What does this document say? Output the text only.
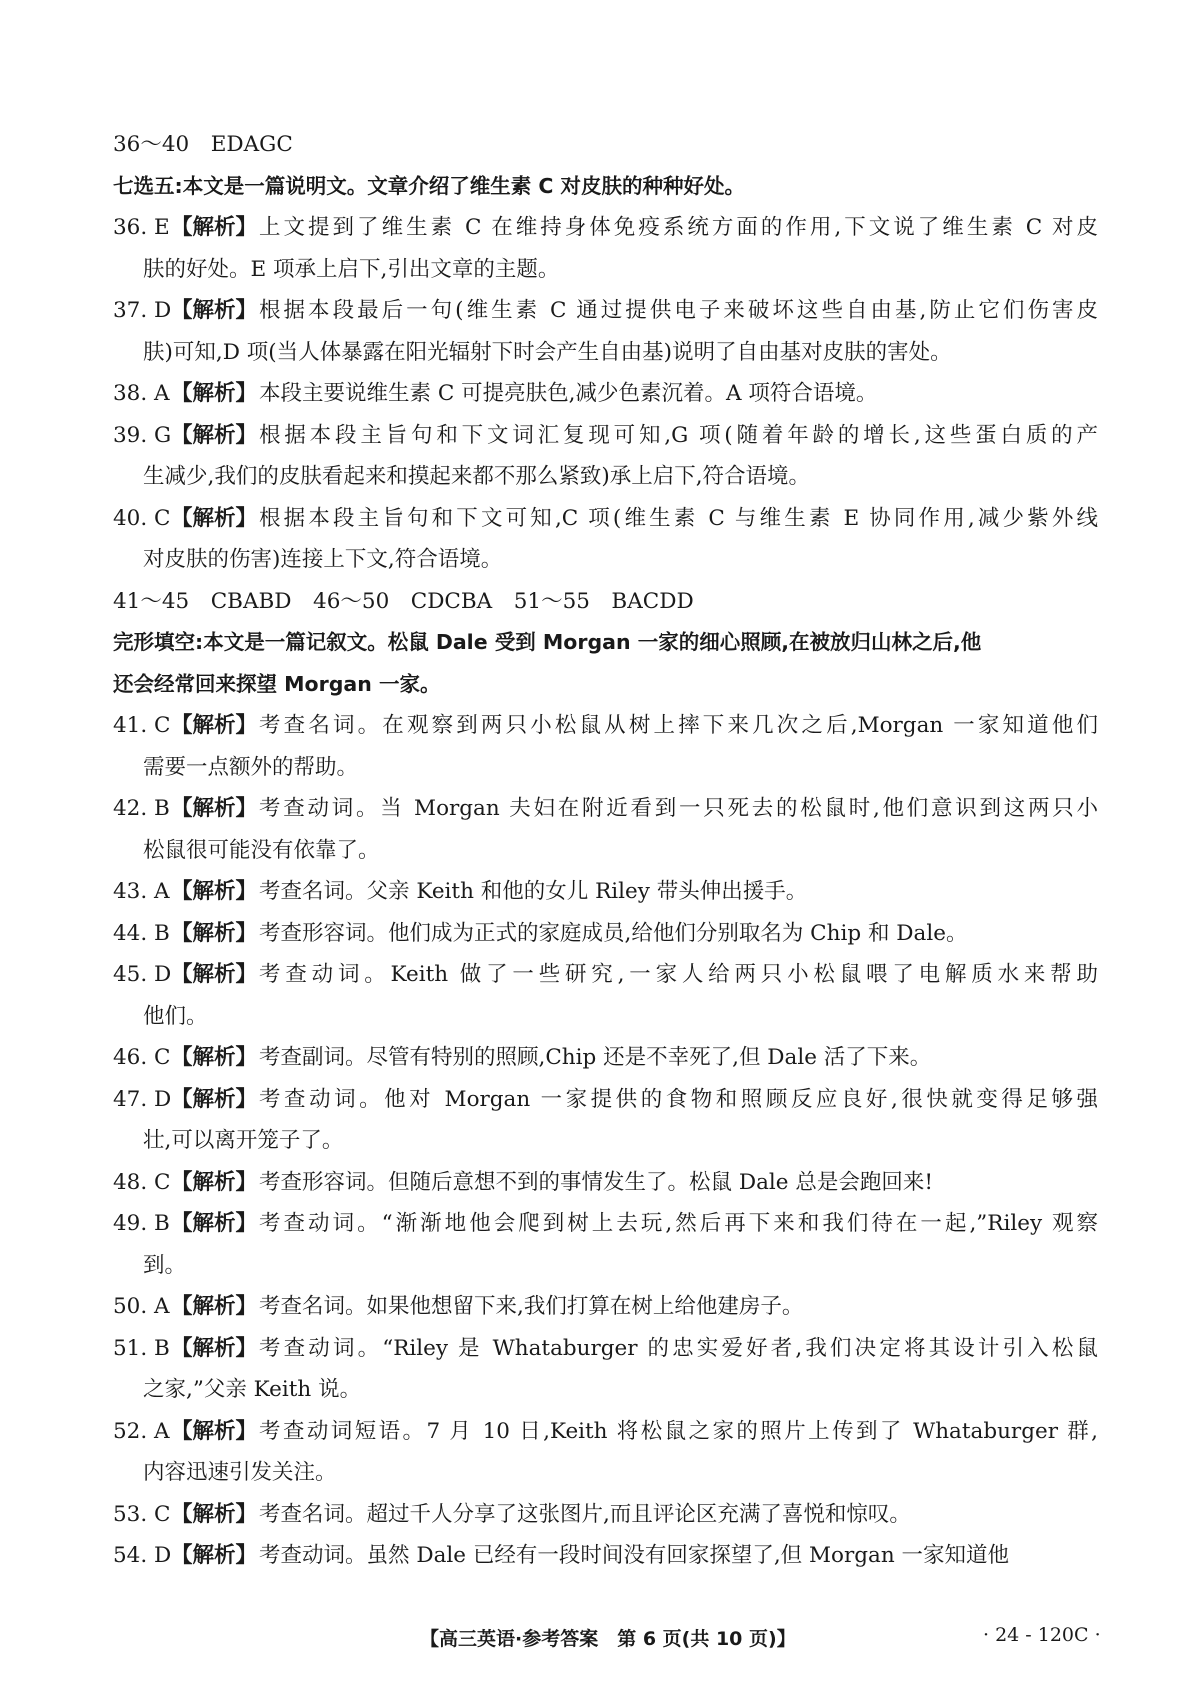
36～40　EDAGC
七选五:本文是一篇说明文。文章介绍了维生素 C 对皮肤的种种好处。
36. E 【解析】 上文提到了维生素 C 在维持身体免疫系统方面的作用,下文说了维生素 C 对皮
肤的好处。E 项承上启下,引出文章的主题。
37. D 【解析】 根据本段最后一句(维生素 C 通过提供电子来破坏这些自由基,防止它们伤害皮
肤)可知,D 项(当人体暴露在阳光辐射下时会产生自由基)说明了自由基对皮肤的害处。
38. A 【解析】 本段主要说维生素 C 可提亮肤色,减少色素沉着。A 项符合语境。
39. G 【解析】 根据本段主旨句和下文词汇复现可知,G 项(随着年龄的增长,这些蛋白质的产
生减少,我们的皮肤看起来和摸起来都不那么紧致)承上启下,符合语境。
40. C 【解析】 根据本段主旨句和下文可知,C 项(维生素 C 与维生素 E 协同作用,减少紫外线
对皮肤的伤害)连接上下文,符合语境。
41～45　CBABD　46～50　CDCBA　51～55　BACDD
完形填空:本文是一篇记叙文。松鼠 Dale 受到 Morgan 一家的细心照顾,在被放归山林之后,他
还会经常回来探望 Morgan 一家。
41. C 【解析】 考查名词。在观察到两只小松鼠从树上摔下来几次之后,Morgan 一家知道他们
需要一点额外的帮助。
42. B 【解析】 考查动词。当 Morgan 夫妇在附近看到一只死去的松鼠时,他们意识到这两只小
松鼠很可能没有依靠了。
43. A 【解析】 考查名词。父亲 Keith 和他的女儿 Riley 带头伸出援手。
44. B 【解析】 考查形容词。他们成为正式的家庭成员,给他们分别取名为 Chip 和 Dale。
45. D 【解析】 考查动词。Keith 做了一些研究,一家人给两只小松鼠喂了电解质水来帮助
他们。
46. C 【解析】 考查副词。尽管有特别的照顾,Chip 还是不幸死了,但 Dale 活了下来。
47. D 【解析】 考查动词。他对 Morgan 一家提供的食物和照顾反应良好,很快就变得足够强
壮,可以离开笼子了。
48. C 【解析】 考查形容词。但随后意想不到的事情发生了。松鼠 Dale 总是会跑回来!
49. B 【解析】 考查动词。“渐渐地他会爬到树上去玩,然后再下来和我们待在一起,”Riley 观察
到。
50. A 【解析】 考查名词。如果他想留下来,我们打算在树上给他建房子。
51. B 【解析】 考查动词。“Riley 是 Whataburger 的忠实爱好者,我们决定将其设计引入松鼠
之家,”父亲 Keith 说。
52. A 【解析】 考查动词短语。7 月 10 日,Keith 将松鼠之家的照片上传到了 Whataburger 群,
内容迅速引发关注。
53. C 【解析】 考查名词。超过千人分享了这张图片,而且评论区充满了喜悦和惊叹。
54. D 【解析】 考查动词。虽然 Dale 已经有一段时间没有回家探望了,但 Morgan 一家知道他
【高三英语·参考答案　第 6 页(共 10 页)】	· 24 - 120C ·
